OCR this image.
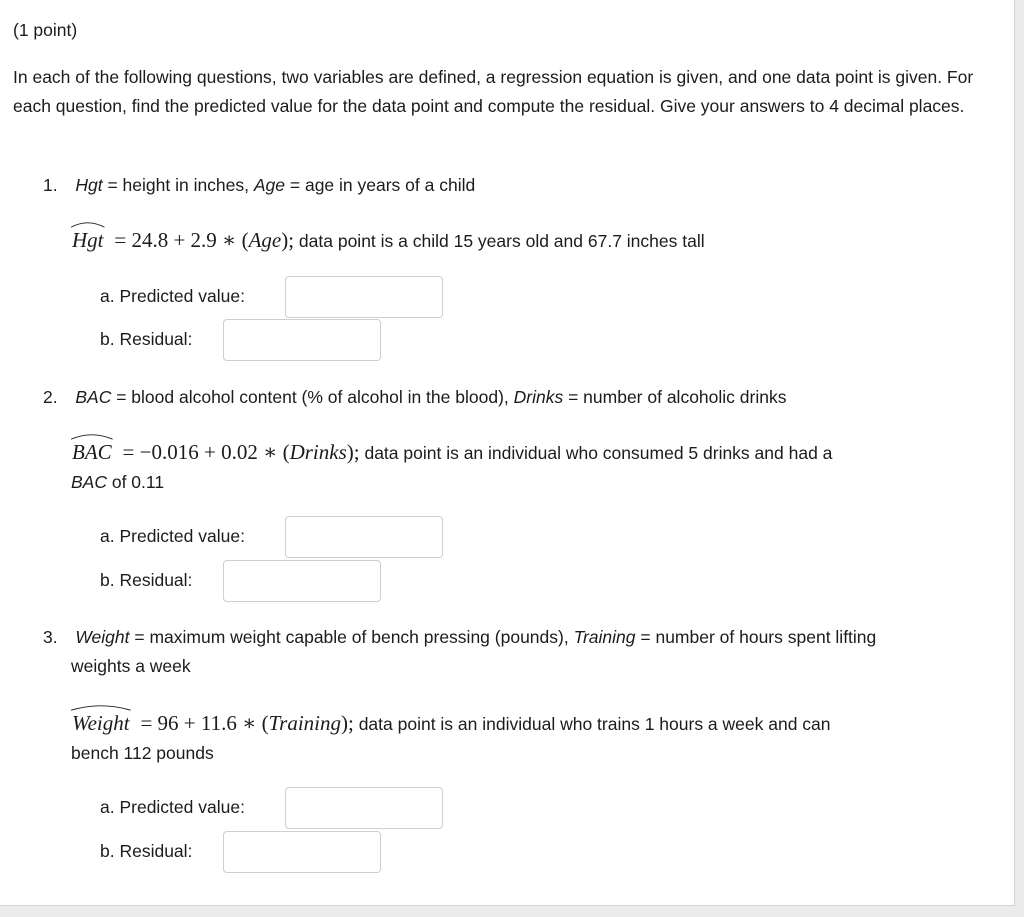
(1 point)
In each of the following questions, two variables are defined, a regression equation is given, and one data point is given. For each question, find the predicted value for the data point and compute the residual. Give your answers to 4 decimal places.
1. Hgt = height in inches, Age = age in years of a child
Hgt = 24.8 + 2.9 ∗ (Age); data point is a child 15 years old and 67.7 inches tall
a. Predicted value:
b. Residual:
2. BAC = blood alcohol content (% of alcohol in the blood), Drinks = number of alcoholic drinks
BAC = −0.016 + 0.02 ∗ (Drinks); data point is an individual who consumed 5 drinks and had a
BAC of 0.11
a. Predicted value:
b. Residual:
3. Weight = maximum weight capable of bench pressing (pounds), Training = number of hours spent lifting
weights a week
Weight = 96 + 11.6 ∗ (Training); data point is an individual who trains 1 hours a week and can
bench 112 pounds
a. Predicted value:
b. Residual:
